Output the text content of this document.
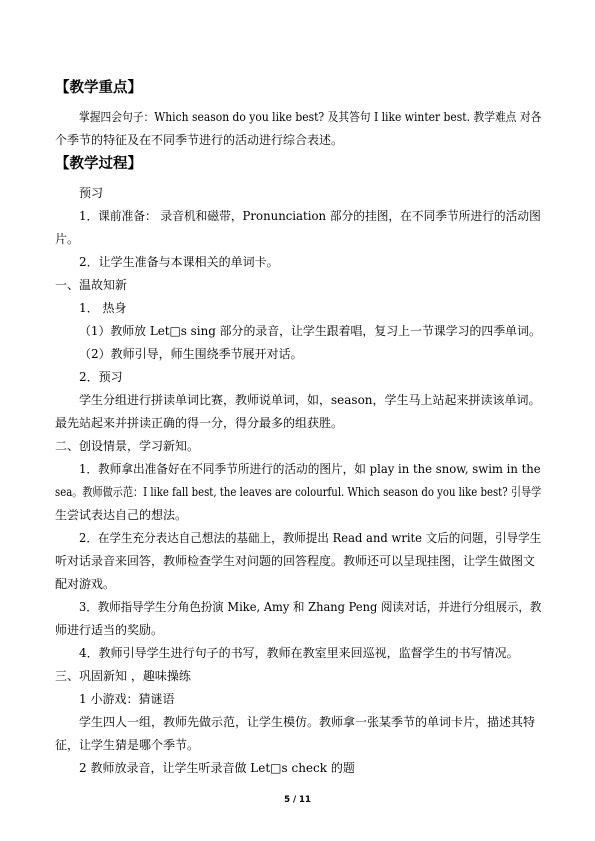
【教学重点】
掌握四会句子：Which season do you like best? 及其答句 I like winter best. 教学难点 对各
个季节的特征及在不同季节进行的活动进行综合表述。
【教学过程】
预习
1．课前准备： 录音机和磁带，Pronunciation 部分的挂图，在不同季节所进行的活动图
片。
2．让学生准备与本课相关的单词卡。
一、温故知新
1． 热身
（1）教师放 Let□s sing 部分的录音，让学生跟着唱，复习上一节课学习的四季单词。
（2）教师引导，师生围绕季节展开对话。
2．预习
学生分组进行拼读单词比赛，教师说单词，如，season，学生马上站起来拼读该单词。
最先站起来并拼读正确的得一分，得分最多的组获胜。
二、创设情景，学习新知。
1．教师拿出准备好在不同季节所进行的活动的图片，如 play in the snow, swim in the
sea。教师做示范：I like fall best, the leaves are colourful. Which season do you like best? 引导学
生尝试表达自己的想法。
2．在学生充分表达自己想法的基础上，教师提出 Read and write 文后的问题，引导学生
听对话录音来回答，教师检查学生对问题的回答程度。教师还可以呈现挂图，让学生做图文
配对游戏。
3．教师指导学生分角色扮演 Mike, Amy 和 Zhang Peng 阅读对话，并进行分组展示，教
师进行适当的奖励。
4．教师引导学生进行句子的书写，教师在教室里来回巡视，监督学生的书写情况。
三、巩固新知 ，趣味操练
1 小游戏：猜谜语
学生四人一组，教师先做示范，让学生模仿。教师拿一张某季节的单词卡片，描述其特
征，让学生猜是哪个季节。
2 教师放录音，让学生听录音做 Let□s check 的题
5 / 11
